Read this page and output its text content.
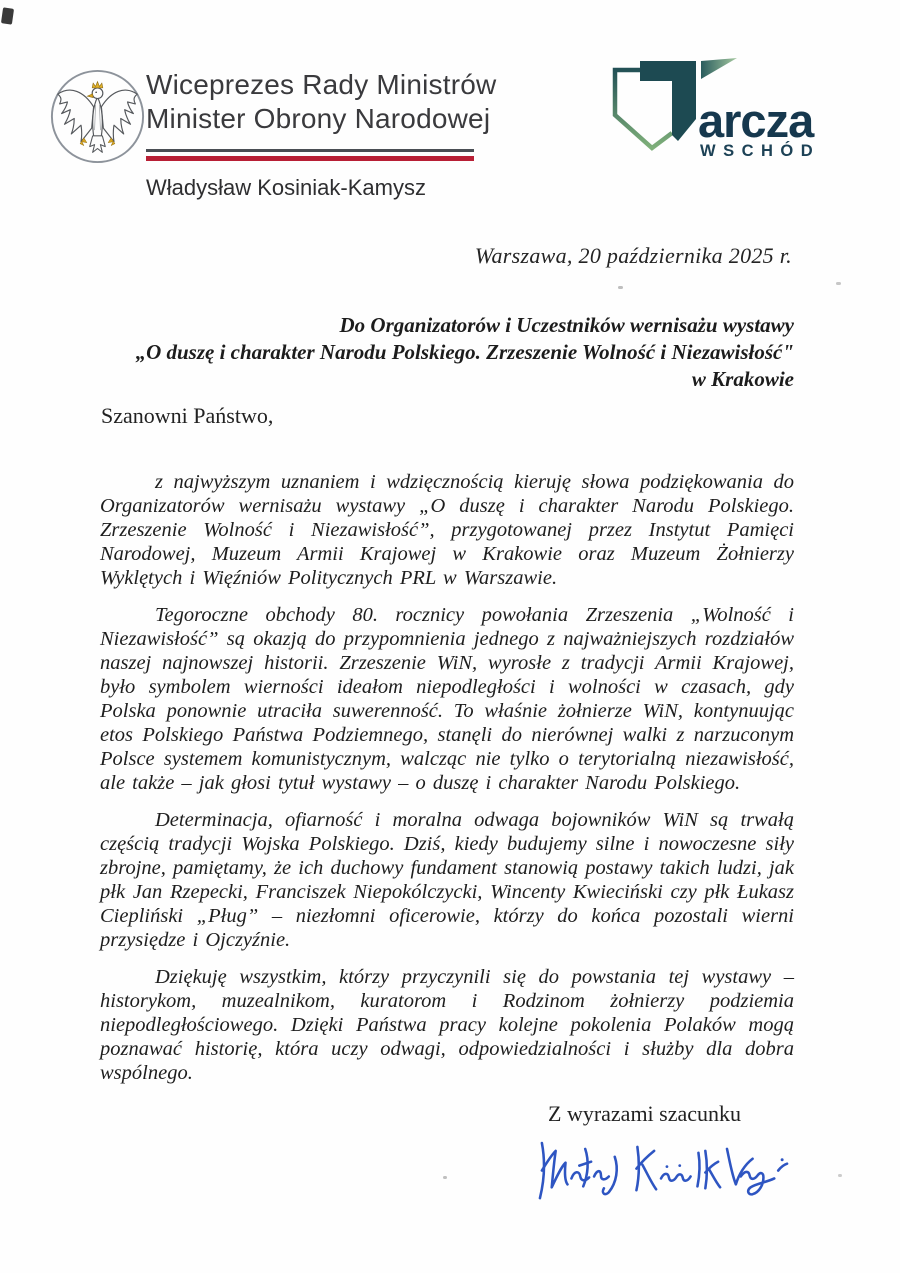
Wiceprezes Rady Ministrów
Minister Obrony Narodowej
Władysław Kosiniak-Kamysz
arcza
WSCHÓD
Warszawa, 20 października 2025 r.
Do Organizatorów i Uczestników wernisażu wystawy
„O duszę i charakter Narodu Polskiego. Zrzeszenie Wolność i Niezawisłość"
w Krakowie
Szanowni Państwo,

z najwyższym uznaniem i wdzięcznością kieruję słowa podziękowania do Organizatorów wernisażu wystawy „O duszę i charakter Narodu Polskiego. Zrzeszenie Wolność i Niezawisłość”, przygotowanej przez Instytut Pamięci Narodowej, Muzeum Armii Krajowej w Krakowie oraz Muzeum Żołnierzy Wyklętych i Więźniów Politycznych PRL w Warszawie.

Tegoroczne obchody 80. rocznicy powołania Zrzeszenia „Wolność i Niezawisłość” są okazją do przypomnienia jednego z najważniejszych rozdziałów naszej najnowszej historii. Zrzeszenie WiN, wyrosłe z tradycji Armii Krajowej, było symbolem wierności ideałom niepodległości i wolności w czasach, gdy Polska ponownie utraciła suwerenność. To właśnie żołnierze WiN, kontynuując etos Polskiego Państwa Podziemnego, stanęli do nierównej walki z narzuconym Polsce systemem komunistycznym, walcząc nie tylko o terytorialną niezawisłość, ale także – jak głosi tytuł wystawy – o duszę i charakter Narodu Polskiego.

Determinacja, ofiarność i moralna odwaga bojowników WiN są trwałą częścią tradycji Wojska Polskiego. Dziś, kiedy budujemy silne i nowoczesne siły zbrojne, pamiętamy, że ich duchowy fundament stanowią postawy takich ludzi, jak płk Jan Rzepecki, Franciszek Niepokólczycki, Wincenty Kwieciński czy płk Łukasz Ciepliński „Pług” – niezłomni oficerowie, którzy do końca pozostali wierni przysiędze i Ojczyźnie.

Dziękuję wszystkim, którzy przyczynili się do powstania tej wystawy – historykom, muzealnikom, kuratorom i Rodzinom żołnierzy podziemia niepodległościowego. Dzięki Państwa pracy kolejne pokolenia Polaków mogą poznawać historię, która uczy odwagi, odpowiedzialności i służby dla dobra wspólnego.

Z wyrazami szacunku
